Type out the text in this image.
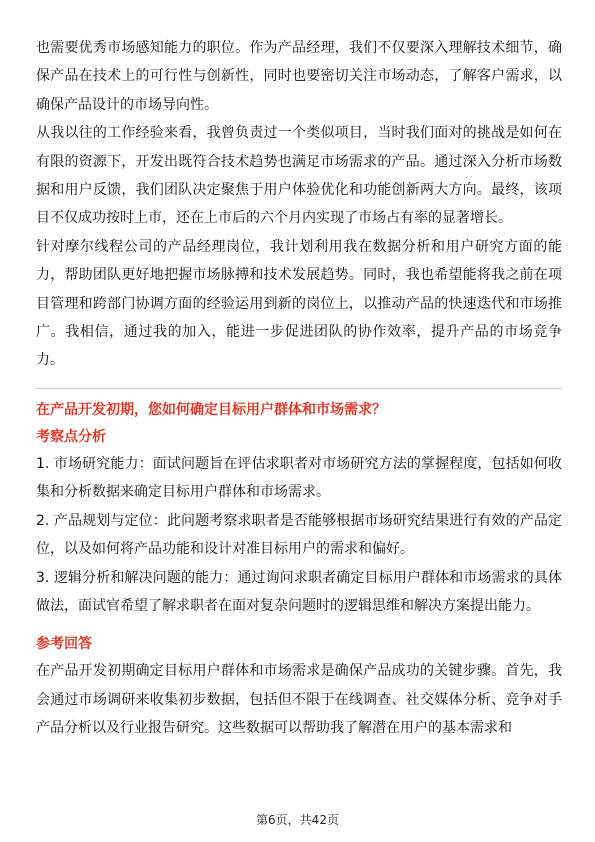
也需要优秀市场感知能力的职位。作为产品经理，我们不仅要深入理解技术细节，确保产品在技术上的可行性与创新性，同时也要密切关注市场动态，了解客户需求，以确保产品设计的市场导向性。

从我以往的工作经验来看，我曾负责过一个类似项目，当时我们面对的挑战是如何在有限的资源下，开发出既符合技术趋势也满足市场需求的产品。通过深入分析市场数据和用户反馈，我们团队决定聚焦于用户体验优化和功能创新两大方向。最终，该项目不仅成功按时上市，还在上市后的六个月内实现了市场占有率的显著增长。

针对摩尔线程公司的产品经理岗位，我计划利用我在数据分析和用户研究方面的能力，帮助团队更好地把握市场脉搏和技术发展趋势。同时，我也希望能将我之前在项目管理和跨部门协调方面的经验运用到新的岗位上，以推动产品的快速迭代和市场推广。我相信，通过我的加入，能进一步促进团队的协作效率，提升产品的市场竞争力。

在产品开发初期，您如何确定目标用户群体和市场需求？

考察点分析

1. 市场研究能力：面试问题旨在评估求职者对市场研究方法的掌握程度，包括如何收集和分析数据来确定目标用户群体和市场需求。

2. 产品规划与定位：此问题考察求职者是否能够根据市场研究结果进行有效的产品定位，以及如何将产品功能和设计对准目标用户的需求和偏好。

3. 逻辑分析和解决问题的能力：通过询问求职者确定目标用户群体和市场需求的具体做法，面试官希望了解求职者在面对复杂问题时的逻辑思维和解决方案提出能力。

参考回答

在产品开发初期确定目标用户群体和市场需求是确保产品成功的关键步骤。首先，我会通过市场调研来收集初步数据，包括但不限于在线调查、社交媒体分析、竞争对手产品分析以及行业报告研究。这些数据可以帮助我了解潜在用户的基本需求和

第6页，共42页
